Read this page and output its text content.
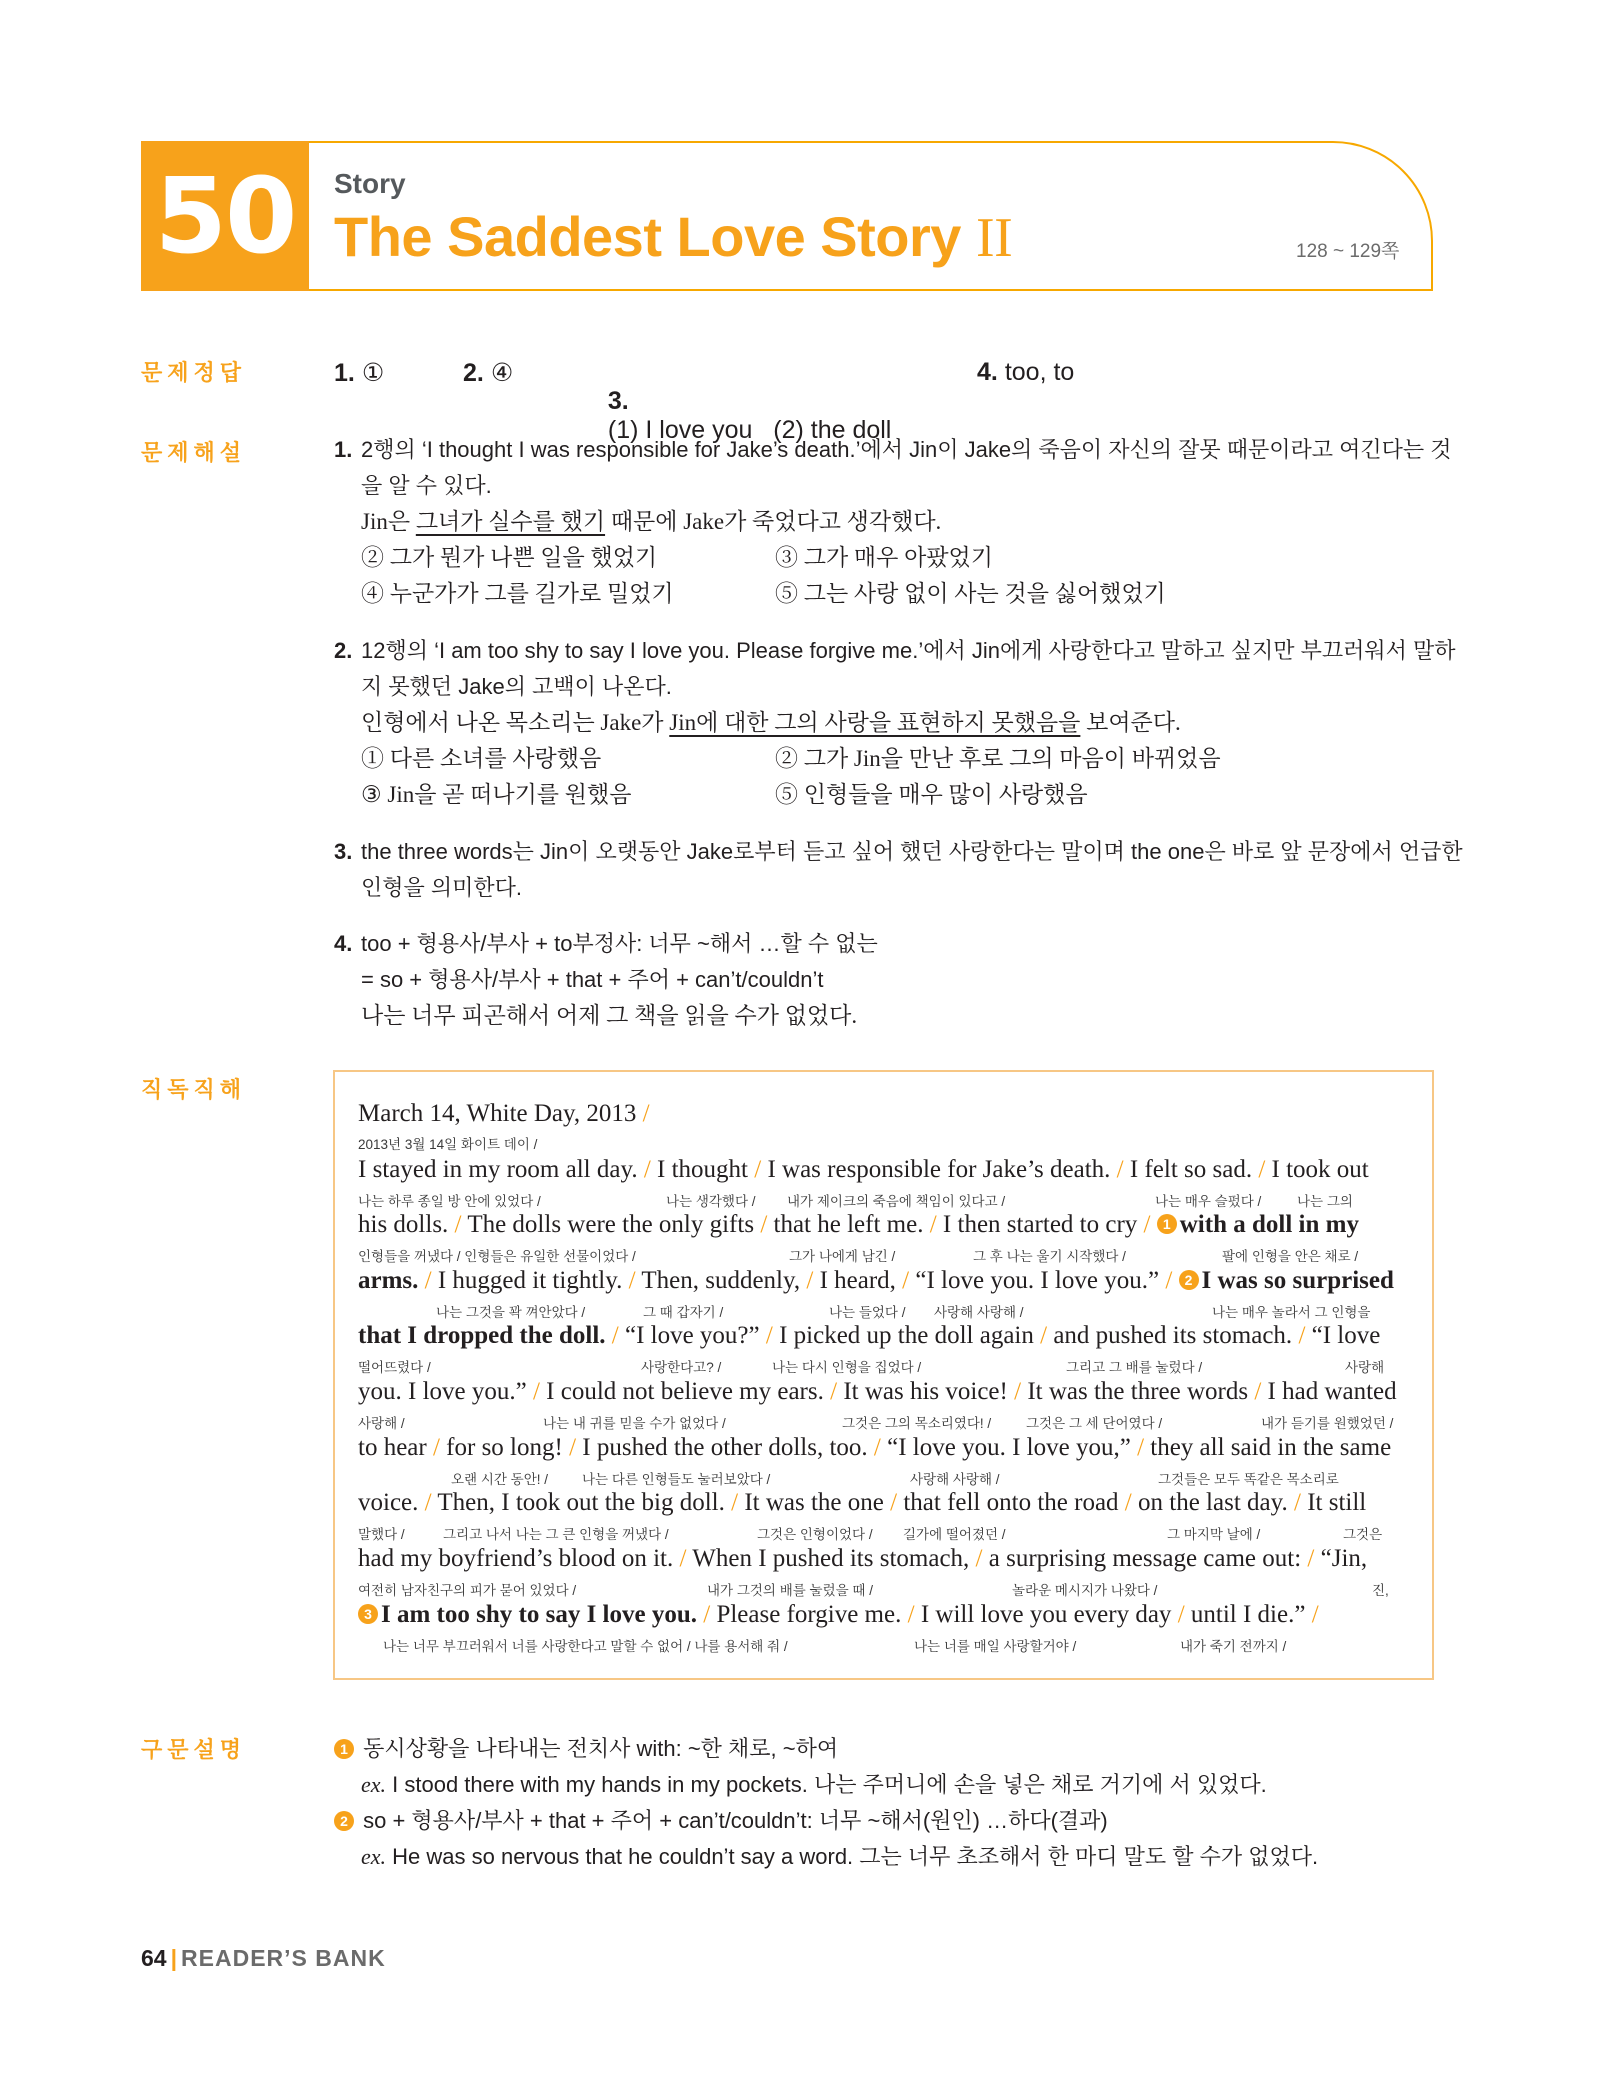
50	Story
The Saddest Love Story II	128 ~ 129쪽
문제정답
문제해설
직독직해
구문설명
1. ①	2. ④

3.
(1) I love you   (2) the doll

4. too, to
1. 2행의 ‘I thought I was responsible for Jake’s death.’에서 Jin이 Jake의 죽음이 자신의 잘못 때문이라고 여긴다는 것
을 알 수 있다.
Jin은 그녀가 실수를 했기 때문에 Jake가 죽었다고 생각했다.
② 그가 뭔가 나쁜 일을 했었기	③ 그가 매우 아팠었기
④ 누군가가 그를 길가로 밀었기	⑤ 그는 사랑 없이 사는 것을 싫어했었기
2. 12행의 ‘I am too shy to say I love you. Please forgive me.’에서 Jin에게 사랑한다고 말하고 싶지만 부끄러워서 말하
지 못했던 Jake의 고백이 나온다.
인형에서 나온 목소리는 Jake가 Jin에 대한 그의 사랑을 표현하지 못했음을 보여준다.
① 다른 소녀를 사랑했음	② 그가 Jin을 만난 후로 그의 마음이 바뀌었음
③ Jin을 곧 떠나기를 원했음	⑤ 인형들을 매우 많이 사랑했음
3. the three words는 Jin이 오랫동안 Jake로부터 듣고 싶어 했던 사랑한다는 말이며 the one은 바로 앞 문장에서 언급한
인형을 의미한다.
4. too + 형용사/부사 + to부정사: 너무 ~해서 …할 수 없는
= so + 형용사/부사 + that + 주어 + can’t/couldn’t
나는 너무 피곤해서 어제 그 책을 읽을 수가 없었다.
March 14, White Day, 2013 /
2013년 3월 14일 화이트 데이 /
I stayed in my room all day. / I thought / I was responsible for Jake’s death. / I felt so sad. / I took out
나는 하루 종일 방 안에 있었다 /	나는 생각했다 / 내가 제이크의 죽음에 책임이 있다고 /	나는 매우 슬펐다 /	나는 그의
his dolls. / The dolls were the only gifts / that he left me. / I then started to cry / 1 with a doll in my
인형들을 꺼냈다 / 인형들은 유일한 선물이었다 /	그가 나에게 남긴 /	그 후 나는 울기 시작했다 /	팔에 인형을 안은 채로 /
arms. / I hugged it tightly. / Then, suddenly, / I heard, / “I love you. I love you.” / 2 I was so surprised
나는 그것을 꽉 껴안았다 /	그 때 갑자기 /	나는 들었다 / 사랑해 사랑해 /	나는 매우 놀라서 그 인형을
that I dropped the doll. / “I love you?” / I picked up the doll again / and pushed its stomach. / “I love
떨어뜨렸다 /	사랑한다고? /	나는 다시 인형을 집었다 /	그리고 그 배를 눌렀다 /	사랑해
you. I love you.” / I could not believe my ears. / It was his voice! / It was the three words / I had wanted
사랑해 /	나는 내 귀를 믿을 수가 없었다 /	그것은 그의 목소리였다! /	그것은 그 세 단어였다 /	내가 듣기를 원했었던 /
to hear / for so long! / I pushed the other dolls, too. / “I love you. I love you,” / they all said in the same
오랜 시간 동안! /	나는 다른 인형들도 눌러보았다 /	사랑해 사랑해 /	그것들은 모두 똑같은 목소리로
voice. / Then, I took out the big doll. / It was the one / that fell onto the road / on the last day. / It still
말했다 /	그리고 나서 나는 그 큰 인형을 꺼냈다 /	그것은 인형이었다 / 길가에 떨어졌던 /	그 마지막 날에 /	그것은
had my boyfriend’s blood on it. / When I pushed its stomach, / a surprising message came out: / “Jin,
여전히 남자친구의 피가 묻어 있었다 /	내가 그것의 배를 눌렀을 때 /	놀라운 메시지가 나왔다 /	진,
3 I am too shy to say I love you. / Please forgive me. / I will love you every day / until I die.” /
나는 너무 부끄러워서 너를 사랑한다고 말할 수 없어 / 나를 용서해 줘 /	나는 너를 매일 사랑할거야 /	내가 죽기 전까지 /
1 동시상황을 나타내는 전치사 with: ~한 채로, ~하여
ex. I stood there with my hands in my pockets. 나는 주머니에 손을 넣은 채로 거기에 서 있었다.
2 so + 형용사/부사 + that + 주어 + can’t/couldn’t: 너무 ~해서(원인) …하다(결과)
ex. He was so nervous that he couldn’t say a word. 그는 너무 초조해서 한 마디 말도 할 수가 없었다.
64 | READER’S BANK
